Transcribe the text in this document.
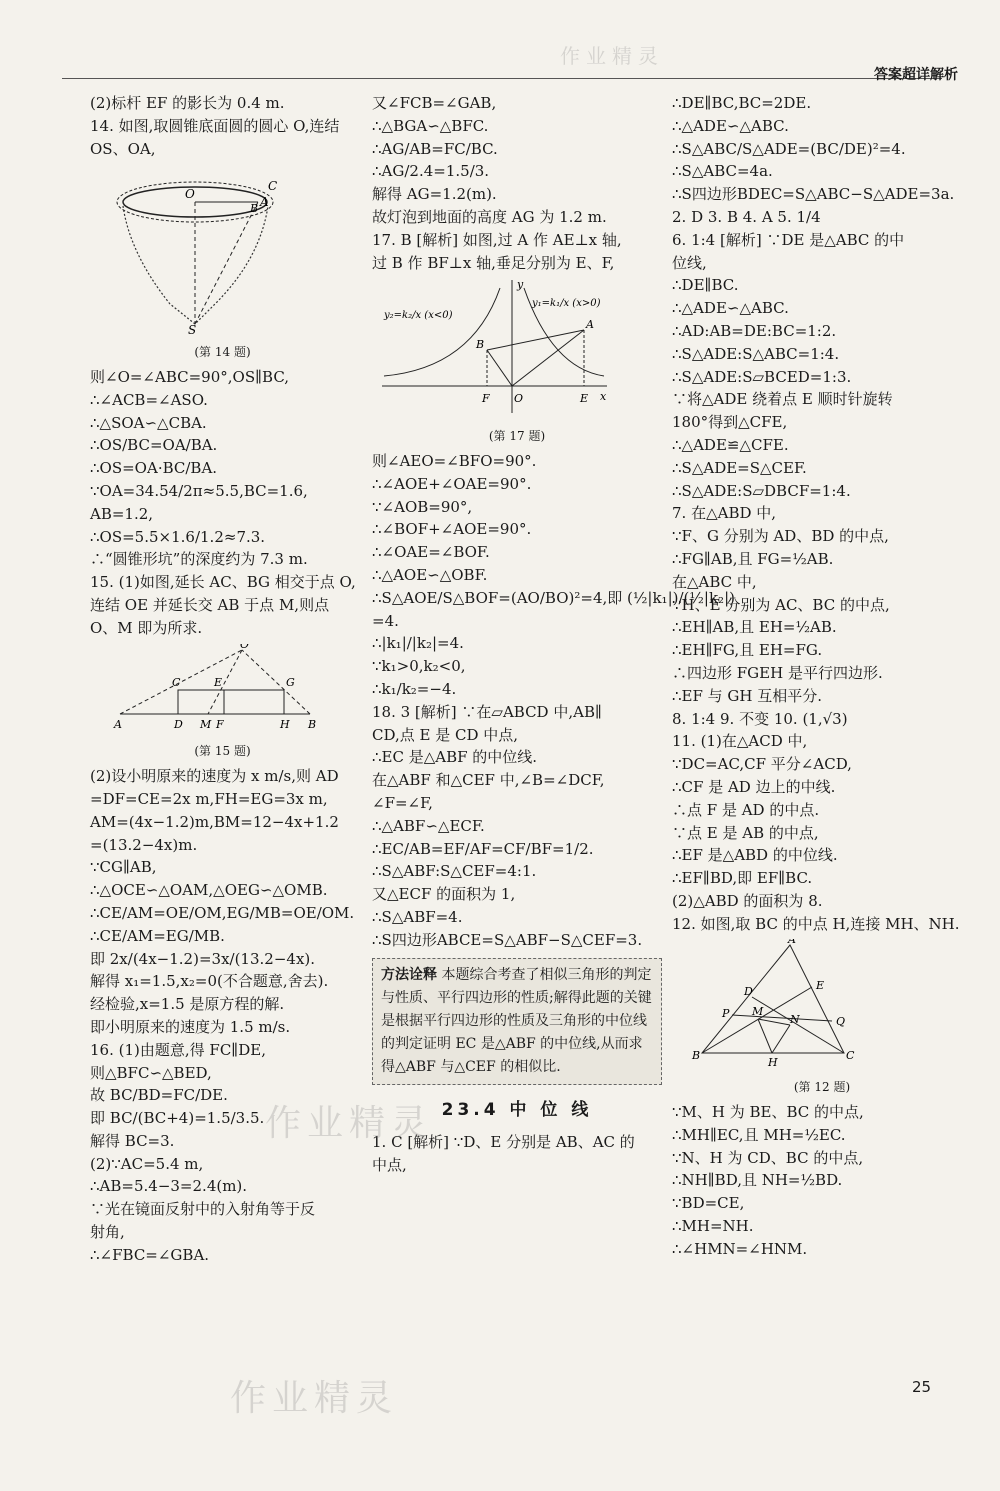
答案超详解析
(2)标杆 EF 的影长为 0.4 m.
14. 如图,取圆锥底面圆的圆心 O,连结
OS、OA,
O
A
C
B
S
(第 14 题)
则∠O=∠ABC=90°,OS∥BC,
∴∠ACB=∠ASO.
∴△SOA∽△CBA.
∴OS/BC=OA/BA.
∴OS=OA·BC/BA.
∵OA=34.54/2π≈5.5,BC=1.6,
AB=1.2,
∴OS=5.5×1.6/1.2≈7.3.
∴“圆锥形坑”的深度约为 7.3 m.
15. (1)如图,延长 AC、BG 相交于点 O,
连结 OE 并延长交 AB 于点 M,则点
O、M 即为所求.
O
C	E	G
A	D M F	H B
(第 15 题)
(2)设小明原来的速度为 x m/s,则 AD
=DF=CE=2x m,FH=EG=3x m,
AM=(4x−1.2)m,BM=12−4x+1.2
=(13.2−4x)m.
∵CG∥AB,
∴△OCE∽△OAM,△OEG∽△OMB.
∴CE/AM=OE/OM,EG/MB=OE/OM.
∴CE/AM=EG/MB.
即 2x/(4x−1.2)=3x/(13.2−4x).
解得 x₁=1.5,x₂=0(不合题意,舍去).
经检验,x=1.5 是原方程的解.
即小明原来的速度为 1.5 m/s.
16. (1)由题意,得 FC∥DE,
则△BFC∽△BED,
故 BC/BD=FC/DE.
即 BC/(BC+4)=1.5/3.5.
解得 BC=3.
(2)∵AC=5.4 m,
∴AB=5.4−3=2.4(m).
∵光在镜面反射中的入射角等于反
射角,
∴∠FBC=∠GBA.
又∠FCB=∠GAB,
∴△BGA∽△BFC.
∴AG/AB=FC/BC.
∴AG/2.4=1.5/3.
解得 AG=1.2(m).
故灯泡到地面的高度 AG 为 1.2 m.
17. B [解析] 如图,过 A 作 AE⊥x 轴,
过 B 作 BF⊥x 轴,垂足分别为 E、F,
B
A
F O	E x
y
y₂=k₂/x (x<0)
y₁=k₁/x (x>0)
(第 17 题)
则∠AEO=∠BFO=90°.
∴∠AOE+∠OAE=90°.
∵∠AOB=90°,
∴∠BOF+∠AOE=90°.
∴∠OAE=∠BOF.
∴△AOE∽△OBF.
∴S△AOE/S△BOF=(AO/BO)²=4,即 (½|k₁|)/(½|k₂|)
=4.
∴|k₁|/|k₂|=4.
∵k₁>0,k₂<0,
∴k₁/k₂=−4.
18. 3 [解析] ∵在▱ABCD 中,AB∥
CD,点 E 是 CD 中点,
∴EC 是△ABF 的中位线.
在△ABF 和△CEF 中,∠B=∠DCF,
∠F=∠F,
∴△ABF∽△ECF.
∴EC/AB=EF/AF=CF/BF=1/2.
∴S△ABF:S△CEF=4:1.
又△ECF 的面积为 1,
∴S△ABF=4.
∴S四边形ABCE=S△ABF−S△CEF=3.
方法诠释 本题综合考查了相似三角形的判定与性质、平行四边形的性质;解得此题的关键是根据平行四边形的性质及三角形的中位线的判定证明 EC 是△ABF 的中位线,从而求得△ABF 与△CEF 的相似比.
23.4 中 位 线
1. C [解析] ∵D、E 分别是 AB、AC 的
中点,
∴DE∥BC,BC=2DE.
∴△ADE∽△ABC.
∴S△ABC/S△ADE=(BC/DE)²=4.
∴S△ABC=4a.
∴S四边形BDEC=S△ABC−S△ADE=3a.
2. D 3. B 4. A 5. 1/4
6. 1:4 [解析] ∵DE 是△ABC 的中
位线,
∴DE∥BC.
∴△ADE∽△ABC.
∴AD:AB=DE:BC=1:2.
∴S△ADE:S△ABC=1:4.
∴S△ADE:S▱BCED=1:3.
∵将△ADE 绕着点 E 顺时针旋转
180°得到△CFE,
∴△ADE≌△CFE.
∴S△ADE=S△CEF.
∴S△ADE:S▱DBCF=1:4.
7. 在△ABD 中,
∵F、G 分别为 AD、BD 的中点,
∴FG∥AB,且 FG=½AB.
在△ABC 中,
∵H、E 分别为 AC、BC 的中点,
∴EH∥AB,且 EH=½AB.
∴EH∥FG,且 EH=FG.
∴四边形 FGEH 是平行四边形.
∴EF 与 GH 互相平分.
8. 1:4 9. 不变 10. (1,√3)
11. (1)在△ACD 中,
∵DC=AC,CF 平分∠ACD,
∴CF 是 AD 边上的中线.
∴点 F 是 AD 的中点.
∵点 E 是 AB 的中点,
∴EF 是△ABD 的中位线.
∴EF∥BD,即 EF∥BC.
(2)△ABD 的面积为 8.
12. 如图,取 BC 的中点 H,连接 MH、NH.
A
D	E
P M
N	Q
B
H
C
(第 12 题)
∵M、H 为 BE、BC 的中点,
∴MH∥EC,且 MH=½EC.
∵N、H 为 CD、BC 的中点,
∴NH∥BD,且 NH=½BD.
∵BD=CE,
∴MH=NH.
∴∠HMN=∠HNM.
25
作业精灵
作业精灵
作业精灵
